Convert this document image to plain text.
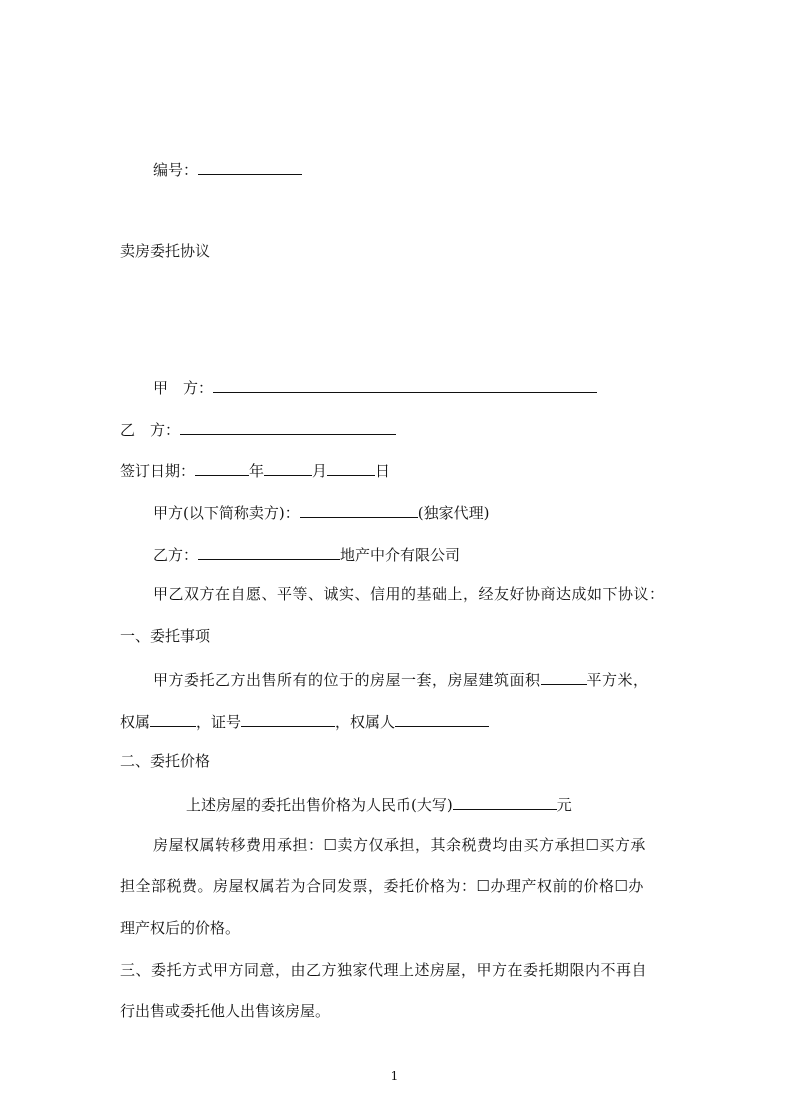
编号：
卖房委托协议
甲　方：
乙　方：
签订日期：	年	月	日
甲方(以下简称卖方)：	(独家代理)
乙方：	地产中介有限公司
甲乙双方在自愿、平等、诚实、信用的基础上，经友好协商达成如下协议：
一、委托事项
甲方委托乙方出售所有的位于的房屋一套，房屋建筑面积	平方米，
权属	，证号	，权属人
二、委托价格
上述房屋的委托出售价格为人民币(大写)	元
房屋权属转移费用承担：☐卖方仅承担，其余税费均由买方承担☐买方承
担全部税费。房屋权属若为合同发票，委托价格为：☐办理产权前的价格☐办
理产权后的价格。
三、委托方式甲方同意，由乙方独家代理上述房屋，甲方在委托期限内不再自
行出售或委托他人出售该房屋。
1
